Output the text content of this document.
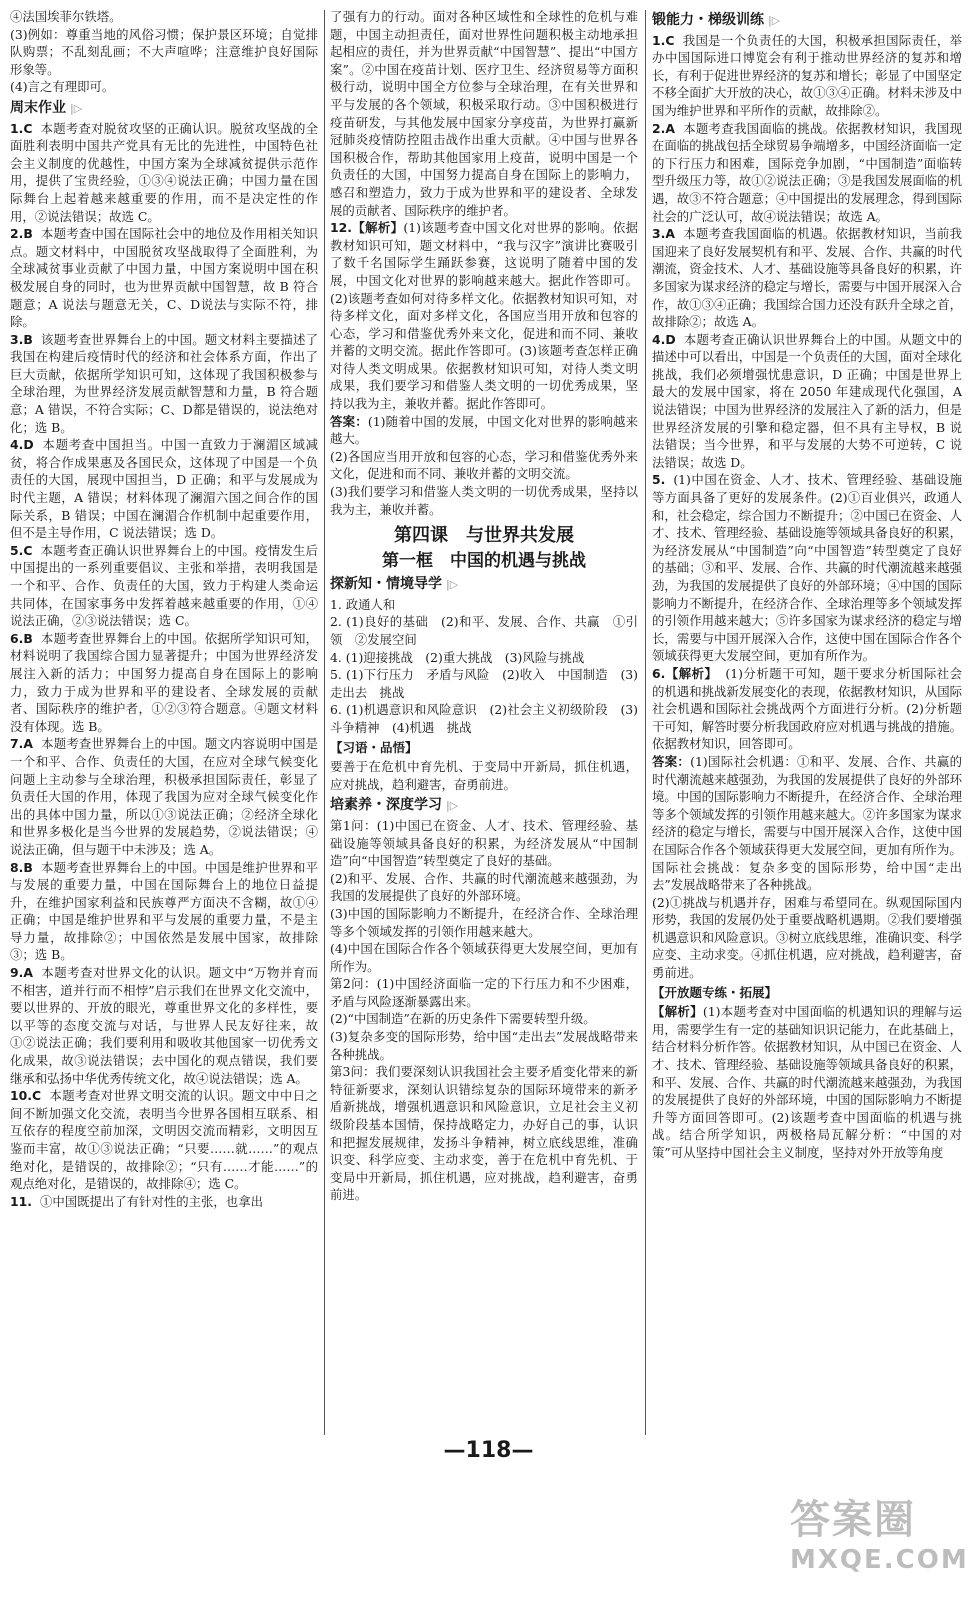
④法国埃菲尔铁塔。

(3)例如：尊重当地的风俗习惯；保护景区环境；自觉排队购票；不乱刻乱画；不大声喧哗；注意维护良好国际形象等。

(4)言之有理即可。

周末作业 |▷

1.C 本题考查对脱贫攻坚的正确认识。脱贫攻坚战的全面胜利表明中国共产党具有无比的先进性，中国特色社会主义制度的优越性，中国方案为全球减贫提供示范作用，提供了宝贵经验，①③④说法正确；中国力量在国际舞台上起着越来越重要的作用，而不是决定性的作用，②说法错误；故选 C。

2.B 本题考查中国在国际社会中的地位及作用相关知识点。题文材料中，中国脱贫攻坚战取得了全面胜利，为全球减贫事业贡献了中国力量，中国方案说明中国在积极发展自身的同时，也为世界贡献中国智慧，故 B 符合题意；A 说法与题意无关，C、D说法与实际不符，排除。

3.B 该题考查世界舞台上的中国。题文材料主要描述了我国在构建后疫情时代的经济和社会体系方面，作出了巨大贡献，依据所学知识可知，这体现了我国积极参与全球治理，为世界经济发展贡献智慧和力量，B 符合题意；A 错误，不符合实际；C、D都是错误的，说法绝对化；选 B。

4.D 本题考查中国担当。中国一直致力于澜湄区域减贫，将合作成果惠及各国民众，这体现了中国是一个负责任的大国，展现中国担当，D 正确；和平与发展成为时代主题，A 错误；材料体现了澜湄六国之间合作的国际关系，B 错误；中国在澜湄合作机制中起重要作用，但不是主导作用，C 说法错误；选 D。

5.C 本题考查正确认识世界舞台上的中国。疫情发生后中国提出的一系列重要倡议、主张和举措，表明我国是一个和平、合作、负责任的大国，致力于构建人类命运共同体，在国家事务中发挥着越来越重要的作用，①④说法正确，②③说法错误；选 C。

6.B 本题考查世界舞台上的中国。依据所学知识可知，材料说明了我国综合国力显著提升；中国为世界经济发展注入新的活力；中国努力提高自身在国际上的影响力，致力于成为世界和平的建设者、全球发展的贡献者、国际秩序的维护者，①②③符合题意。④题文材料没有体现。选 B。

7.A 本题考查世界舞台上的中国。题文内容说明中国是一个和平、合作、负责任的大国，在应对全球气候变化问题上主动参与全球治理，积极承担国际责任，彰显了负责任大国的作用，体现了我国为应对全球气候变化作出的具体中国力量，所以①③说法正确；②经济全球化和世界多极化是当今世界的发展趋势，②说法错误；④说法正确，但与题干中未涉及；选 A。

8.B 本题考查世界舞台上的中国。中国是维护世界和平与发展的重要力量，中国在国际舞台上的地位日益提升，在维护国家利益和民族尊严方面决不含糊，故①④正确；中国是维护世界和平与发展的重要力量，不是主导力量，故排除②；中国依然是发展中国家，故排除③；选 B。

9.A 本题考查对世界文化的认识。题文中“万物并育而不相害，道并行而不相悖”启示我们在世界文化交流中，要以世界的、开放的眼光，尊重世界文化的多样性，要以平等的态度交流与对话，与世界人民友好往来，故①②说法正确；我们要利用和吸收其他国家一切优秀文化成果，故③说法错误；去中国化的观点错误，我们要继承和弘扬中华优秀传统文化，故④说法错误；选 A。

10.C 本题考查对世界文明交流的认识。题文中中日之间不断加强文化交流，表明当今世界各国相互联系、相互依存的程度空前加深，文明因交流而精彩，文明因互鉴而丰富，故①③说法正确；“只要……就……”的观点绝对化，是错误的，故排除②；“只有……才能……”的观点绝对化，是错误的，故排除④；选 C。

11. ①中国既提出了有针对性的主张，也拿出

了强有力的行动。面对各种区域性和全球性的危机与难题，中国主动担责任，面对世界性问题积极主动地承担起相应的责任，并为世界贡献“中国智慧”、提出“中国方案”。②中国在疫苗计划、医疗卫生、经济贸易等方面积极行动，说明中国全方位参与全球治理，在有关世界和平与发展的各个领域，积极采取行动。③中国积极进行疫苗研发，与其他发展中国家分享疫苗，为世界打赢新冠肺炎疫情防控阻击战作出重大贡献。④中国与世界各国积极合作，帮助其他国家用上疫苗，说明中国是一个负责任的大国，中国努力提高自身在国际上的影响力，感召和塑造力，致力于成为世界和平的建设者、全球发展的贡献者、国际秩序的维护者。

12.【解析】(1)该题考查中国文化对世界的影响。依据教材知识可知，题文材料中，“我与汉字”演讲比赛吸引了数千名国际学生踊跃参赛，这说明了随着中国的发展，中国文化对世界的影响越来越大。据此作答即可。(2)该题考查如何对待多样文化。依据教材知识可知，对待多样文化，面对多样文化，各国应当用开放和包容的心态，学习和借鉴优秀外来文化，促进和而不同、兼收并蓄的文明交流。据此作答即可。(3)该题考查怎样正确对待人类文明成果。依据教材知识可知，对待人类文明成果，我们要学习和借鉴人类文明的一切优秀成果，坚持以我为主，兼收并蓄。据此作答即可。

答案：(1)随着中国的发展，中国文化对世界的影响越来越大。

(2)各国应当用开放和包容的心态，学习和借鉴优秀外来文化，促进和而不同、兼收并蓄的文明交流。

(3)我们要学习和借鉴人类文明的一切优秀成果，坚持以我为主，兼收并蓄。

第四课　与世界共发展
第一框　中国的机遇与挑战
探新知・情境导学 |▷

1. 政通人和

2. (1)良好的基础　(2)和平、发展、合作、共赢　①引领　②发展空间

4. (1)迎接挑战　(2)重大挑战　(3)风险与挑战

5. (1)下行压力　矛盾与风险　(2)收入　中国制造　(3)走出去　挑战

6. (1)机遇意识和风险意识　(2)社会主义初级阶段　(3)斗争精神　(4)机遇　挑战

【习语・品悟】

要善于在危机中育先机、于变局中开新局，抓住机遇，应对挑战，趋利避害，奋勇前进。

培素养・深度学习 |▷

第1问：(1)中国已在资金、人才、技术、管理经验、基础设施等领域具备良好的积累，为经济发展从“中国制造”向“中国智造”转型奠定了良好的基础。

(2)和平、发展、合作、共赢的时代潮流越来越强劲，为我国的发展提供了良好的外部环境。

(3)中国的国际影响力不断提升，在经济合作、全球治理等多个领域发挥的引领作用越来越大。

(4)中国在国际合作各个领域获得更大发展空间，更加有所作为。

第2问：(1)中国经济面临一定的下行压力和不少困难，矛盾与风险逐渐暴露出来。

(2)“中国制造”在新的历史条件下需要转型升级。

(3)复杂多变的国际形势，给中国“走出去”发展战略带来各种挑战。

第3问：我们要深刻认识我国社会主要矛盾变化带来的新特征新要求，深刻认识错综复杂的国际环境带来的新矛盾新挑战，增强机遇意识和风险意识，立足社会主义初级阶段基本国情，保持战略定力，办好自己的事，认识和把握发展规律，发扬斗争精神，树立底线思维，准确识变、科学应变、主动求变，善于在危机中育先机、于变局中开新局，抓住机遇，应对挑战，趋利避害，奋勇前进。

锻能力・梯级训练 |▷

1.C 我国是一个负责任的大国，积极承担国际责任，举办中国国际进口博览会有利于推动世界经济的复苏和增长，有利于促进世界经济的复苏和增长；彰显了中国坚定不移全面扩大开放的决心，故①③④正确。材料未涉及中国为维护世界和平所作的贡献，故排除②。

2.A 本题考查我国面临的挑战。依据教材知识，我国现在面临的挑战包括全球贸易争端增多，中国经济面临一定的下行压力和困难，国际竞争加剧，“中国制造”面临转型升级压力等，故①②说法正确；③是我国发展面临的机遇，故③不符合题意；④中国提出的发展理念，得到国际社会的广泛认可，故④说法错误；故选 A。

3.A 本题考查我国面临的机遇。依据教材知识，当前我国迎来了良好发展契机有和平、发展、合作、共赢的时代潮流，资金技术、人才、基础设施等具备良好的积累，许多国家为谋求经济的稳定与增长，需要与中国开展深入合作，故①③④正确；我国综合国力还没有跃升全球之首，故排除②；故选 A。

4.D 本题考查正确认识世界舞台上的中国。从题文中的描述中可以看出，中国是一个负责任的大国，面对全球化挑战，我们必须增强忧患意识，D 正确；中国是世界上最大的发展中国家，将在 2050 年建成现代化强国，A 说法错误；中国为世界经济的发展注入了新的活力，但是世界经济发展的引擎和稳定器，但不具有主导权，B 说法错误；当今世界，和平与发展的大势不可逆转，C 说法错误；故选 D。

5. (1)中国在资金、人才、技术、管理经验、基础设施等方面具备了更好的发展条件。(2)①百业俱兴，政通人和，社会稳定，综合国力不断提升；②中国已在资金、人才、技术、管理经验、基础设施等领域具备良好的积累，为经济发展从“中国制造”向“中国智造”转型奠定了良好的基础；③和平、发展、合作、共赢的时代潮流越来越强劲，为我国的发展提供了良好的外部环境；④中国的国际影响力不断提升，在经济合作、全球治理等多个领域发挥的引领作用越来越大；⑤许多国家为谋求经济的稳定与增长，需要与中国开展深入合作，这使中国在国际合作各个领域获得更大发展空间，更加有所作为。

6.【解析】 (1)分析题干可知，题干要求分析国际社会的机遇和挑战新发展变化的表现，依据教材知识，从国际社会机遇和国际社会挑战两个方面进行分析。(2)分析题干可知，解答时要分析我国政府应对机遇与挑战的措施。依据教材知识，回答即可。

答案：(1)国际社会机遇：①和平、发展、合作、共赢的时代潮流越来越强劲，为我国的发展提供了良好的外部环境。中国的国际影响力不断提升，在经济合作、全球治理等多个领域发挥的引领作用越来越大。②许多国家为谋求经济的稳定与增长，需要与中国开展深入合作，这使中国在国际合作各个领域获得更大发展空间，更加有所作为。

国际社会挑战：复杂多变的国际形势，给中国“走出去”发展战略带来了各种挑战。

(2)①挑战与机遇并存，困难与希望同在。纵观国际国内形势，我国的发展仍处于重要战略机遇期。②我们要增强机遇意识和风险意识。③树立底线思维，准确识变、科学应变、主动求变。④抓住机遇，应对挑战，趋利避害，奋勇前进。

【开放题专练・拓展】

【解析】(1)本题考查对中国面临的机遇知识的理解与运用，需要学生有一定的基础知识识记能力，在此基础上，结合材料分析作答。依据教材知识，从中国已在资金、人才、技术、管理经验、基础设施等领域具备良好的积累，和平、发展、合作、共赢的时代潮流越来越强劲，为我国的发展提供了良好的外部环境，中国的国际影响力不断提升等方面回答即可。(2)该题考查中国面临的机遇与挑战。结合所学知识，两极格局瓦解分析：“中国的对策”可从坚持中国社会主义制度，坚持对外开放等角度

—118—
答案圈
MXQE.COM
